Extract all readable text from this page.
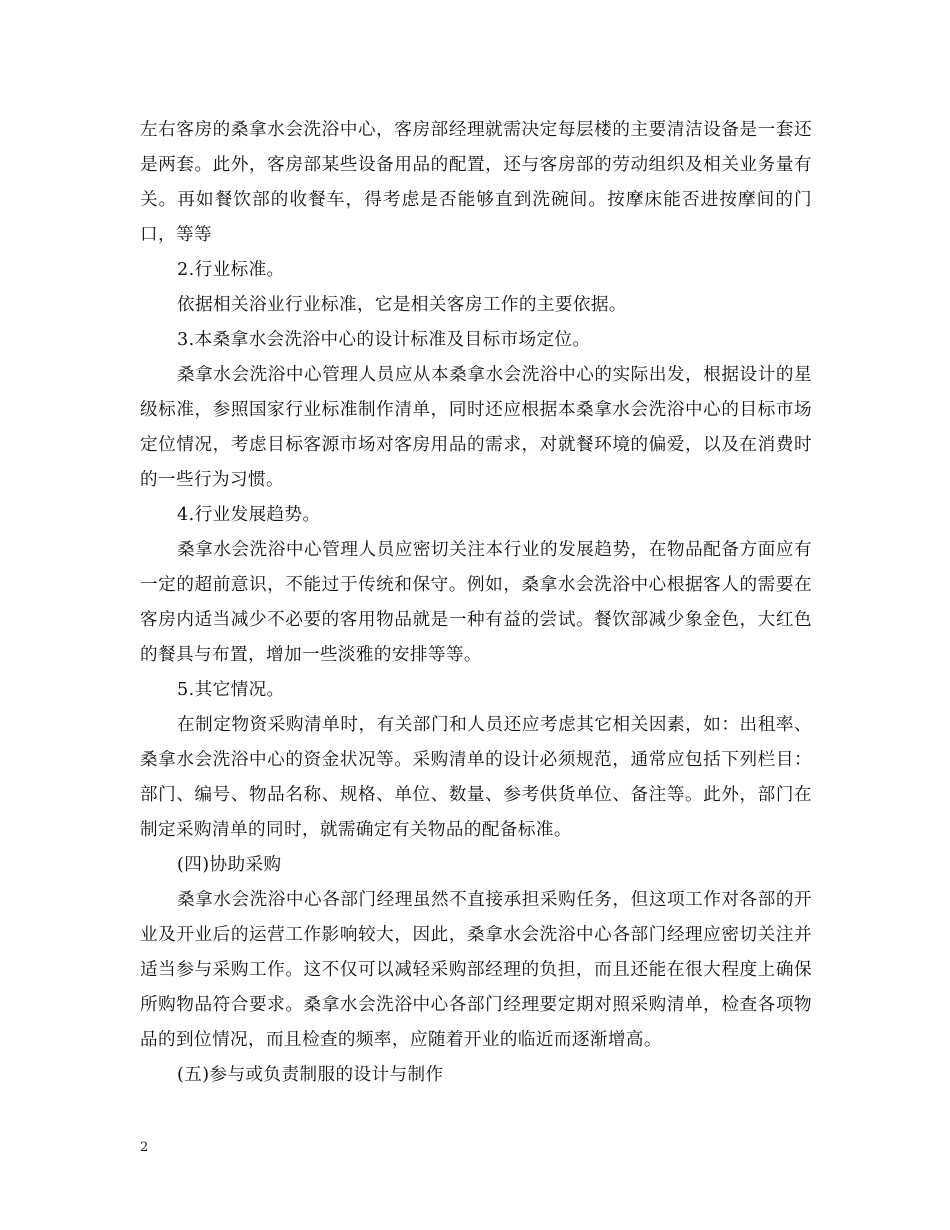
左右客房的桑拿水会洗浴中心，客房部经理就需决定每层楼的主要清洁设备是一套还是两套。此外，客房部某些设备用品的配置，还与客房部的劳动组织及相关业务量有关。再如餐饮部的收餐车，得考虑是否能够直到洗碗间。按摩床能否进按摩间的门口，等等

2.行业标准。

依据相关浴业行业标准，它是相关客房工作的主要依据。

3.本桑拿水会洗浴中心的设计标准及目标市场定位。

桑拿水会洗浴中心管理人员应从本桑拿水会洗浴中心的实际出发，根据设计的星级标准，参照国家行业标准制作清单，同时还应根据本桑拿水会洗浴中心的目标市场定位情况，考虑目标客源市场对客房用品的需求，对就餐环境的偏爱，以及在消费时的一些行为习惯。

4.行业发展趋势。

桑拿水会洗浴中心管理人员应密切关注本行业的发展趋势，在物品配备方面应有一定的超前意识，不能过于传统和保守。例如，桑拿水会洗浴中心根据客人的需要在客房内适当减少不必要的客用物品就是一种有益的尝试。餐饮部减少象金色，大红色的餐具与布置，增加一些淡雅的安排等等。

5.其它情况。

在制定物资采购清单时，有关部门和人员还应考虑其它相关因素，如：出租率、桑拿水会洗浴中心的资金状况等。采购清单的设计必须规范，通常应包括下列栏目：部门、编号、物品名称、规格、单位、数量、参考供货单位、备注等。此外，部门在制定采购清单的同时，就需确定有关物品的配备标准。

(四)协助采购

桑拿水会洗浴中心各部门经理虽然不直接承担采购任务，但这项工作对各部的开业及开业后的运营工作影响较大，因此，桑拿水会洗浴中心各部门经理应密切关注并适当参与采购工作。这不仅可以减轻采购部经理的负担，而且还能在很大程度上确保所购物品符合要求。桑拿水会洗浴中心各部门经理要定期对照采购清单，检查各项物品的到位情况，而且检查的频率，应随着开业的临近而逐渐增高。

(五)参与或负责制服的设计与制作

2
